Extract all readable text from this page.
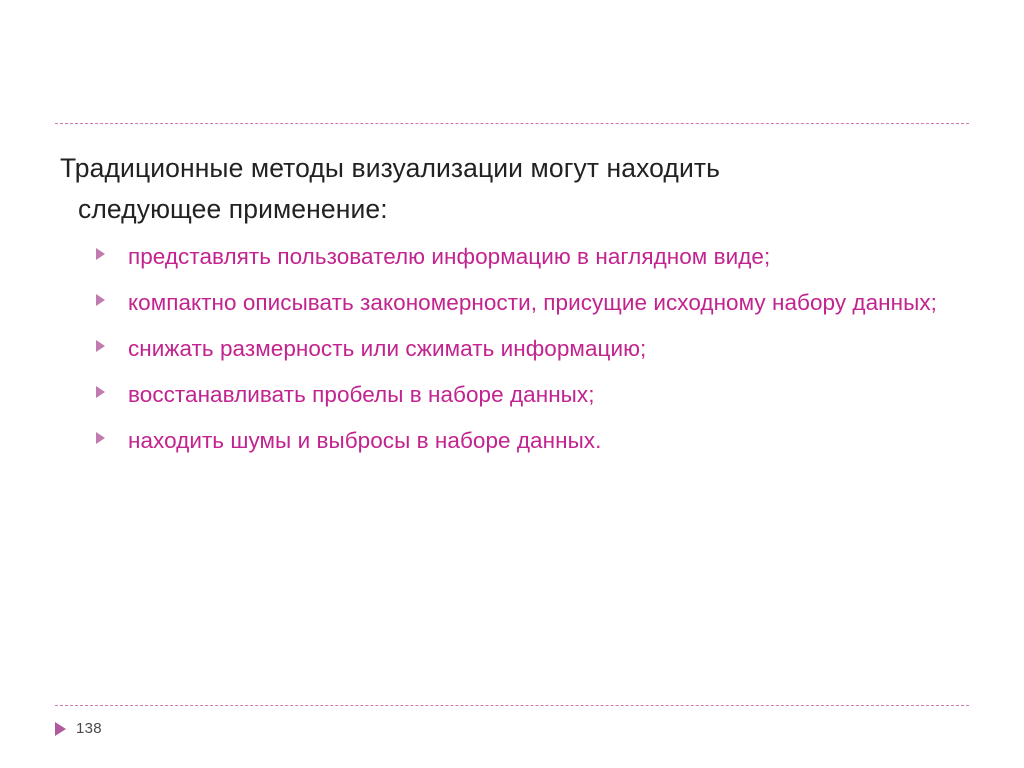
Традиционные методы визуализации могут находить
следующее применение:
представлять пользователю информацию в наглядном виде;
компактно описывать закономерности, присущие исходному набору данных;
снижать размерность или сжимать информацию;
восстанавливать пробелы в наборе данных;
находить шумы и выбросы в наборе данных.
138
